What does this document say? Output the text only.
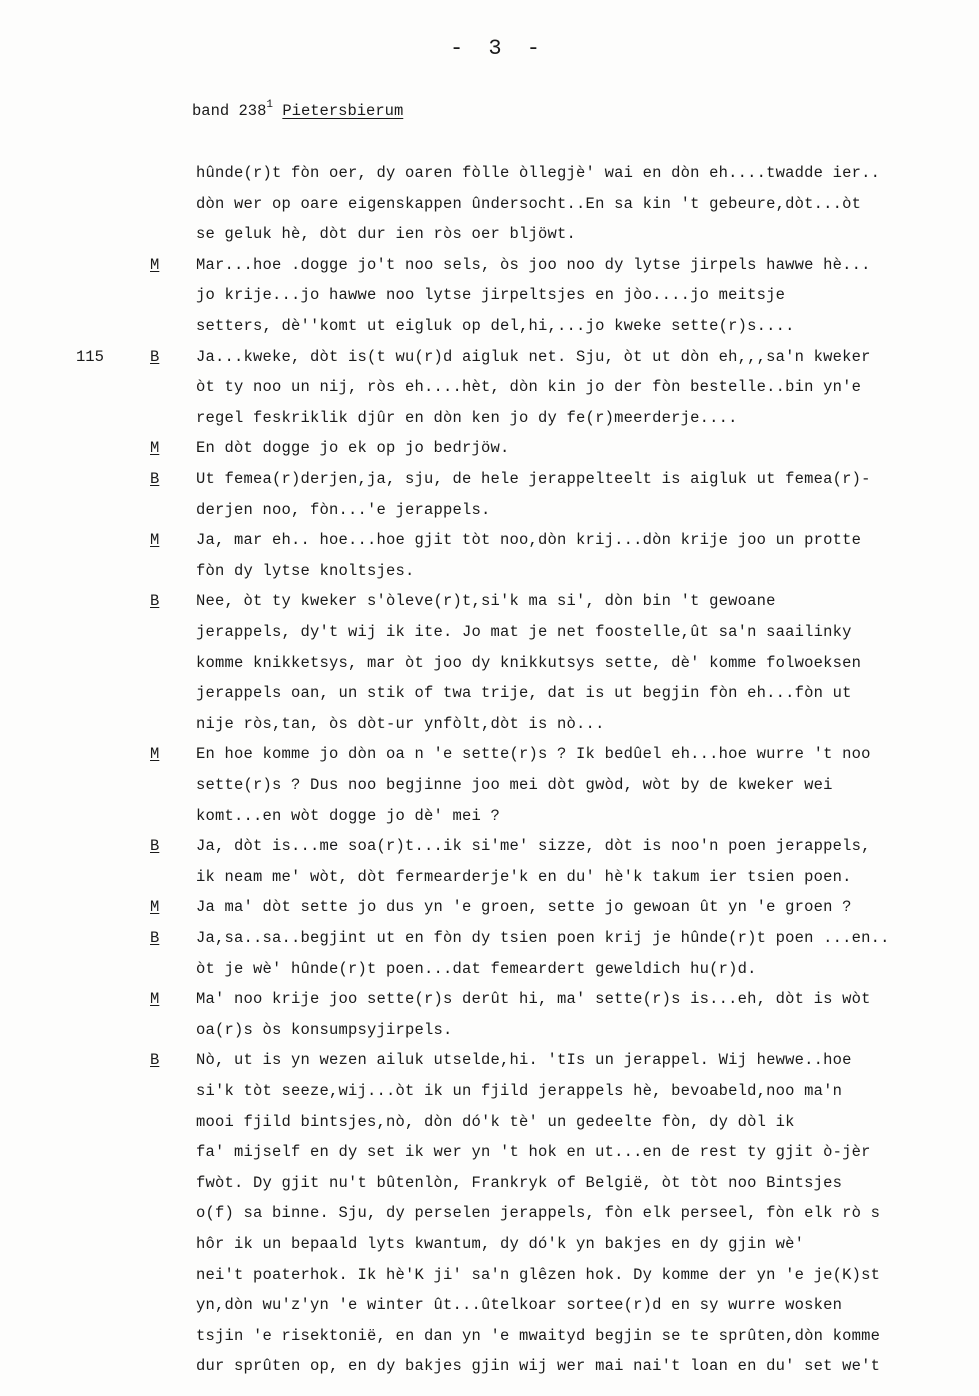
- 3 -
band $238^1$ Pietersbierum
hûnde(r)t fòn oer, dy oaren fòlle òllegjè' wai en dòn eh....twadde ier..
dòn wer op oare eigenskappen ûndersocht..En sa kin 't gebeure,dòt...òt
se geluk hè, dòt dur ien ròs oer bljöwt.
M Mar...hoe .dogge jo't noo sels, òs joo noo dy lytse jirpels hawwe hè...
jo krije...jo hawwe noo lytse jirpeltsjes en jòo....jo meitsje
setters, dè''komt ut eigluk op del,hi,...jo kweke sette(r)s....
B
115	Ja...kweke, dòt is(t wu(r)d aigluk net. Sju, òt ut dòn eh,,,sa'n kweker
òt ty noo un nij, ròs eh....hèt, dòn kin jo der fòn bestelle..bin yn'e
regel feskriklik djûr en dòn ken jo dy fe(r)meerderje....
M En dòt dogge jo ek op jo bedrjöw.
B Ut femea(r)derjen,ja, sju, de hele jerappelteelt is aigluk ut femea(r)-
derjen noo, fòn...'e jerappels.
M Ja, mar eh.. hoe...hoe gjit tòt noo,dòn krij...dòn krije joo un protte
fòn dy lytse knoltsjes.
B Nee, òt ty kweker s'òleve(r)t,si'k ma si', dòn bin 't gewoane
jerappels, dy't wij ik ite. Jo mat je net foostelle,ût sa'n saailinky
komme knikketsys, mar òt joo dy knikkutsys sette, dè' komme folwoeksen
jerappels oan, un stik of twa trije, dat is ut begjin fòn eh...fòn ut
nije ròs,tan, òs dòt-ur ynfòlt,dòt is nò...
M En hoe komme jo dòn oa n 'e sette(r)s ? Ik bedûel eh...hoe wurre 't noo
sette(r)s ? Dus noo begjinne joo mei dòt gwòd, wòt by de kweker wei
komt...en wòt dogge jo dè' mei ?
B Ja, dòt is...me soa(r)t...ik si'me' sizze, dòt is noo'n poen jerappels,
ik neam me' wòt, dòt fermearderje'k en du' hè'k takum ier tsien poen.
M Ja ma' dòt sette jo dus yn 'e groen, sette jo gewoan ût yn 'e groen ?
B Ja,sa..sa..begjint ut en fòn dy tsien poen krij je hûnde(r)t poen ...en..
òt je wè' hûnde(r)t poen...dat femeardert geweldich hu(r)d.
M Ma' noo krije joo sette(r)s derût hi, ma' sette(r)s is...eh, dòt is wòt
oa(r)s òs konsumpsyjirpels.
B Nò, ut is yn wezen ailuk utselde,hi. 'tIs un jerappel. Wij hewwe..hoe
si'k tòt seeze,wij...òt ik un fjild jerappels hè, bevoabeld,noo ma'n
mooi fjild bintsjes,nò, dòn dó'k tè' un gedeelte fòn, dy dòl ik
fa' mijself en dy set ik wer yn 't hok en ut...en de rest ty gjit ò-jèr
fwòt. Dy gjit nu't bûtenlòn, Frankryk of België, òt tòt noo Bintsjes
o(f) sa binne. Sju, dy perselen jerappels, fòn elk perseel, fòn elk rò s
hôr ik un bepaald lyts kwantum, dy dó'k yn bakjes en dy gjin wè'
nei't poaterhok. Ik hè'K ji' sa'n glêzen hok. Dy komme der yn 'e je(K)st
yn,dòn wu'z'yn 'e winter ût...ûtelkoar sortee(r)d en sy wurre wosken
tsjin 'e risektonië, en dan yn 'e mwaityd begjin se te sprûten,dòn komme
dur sprûten op, en dy bakjes gjin wij wer mai nai't loan en du' set we't
